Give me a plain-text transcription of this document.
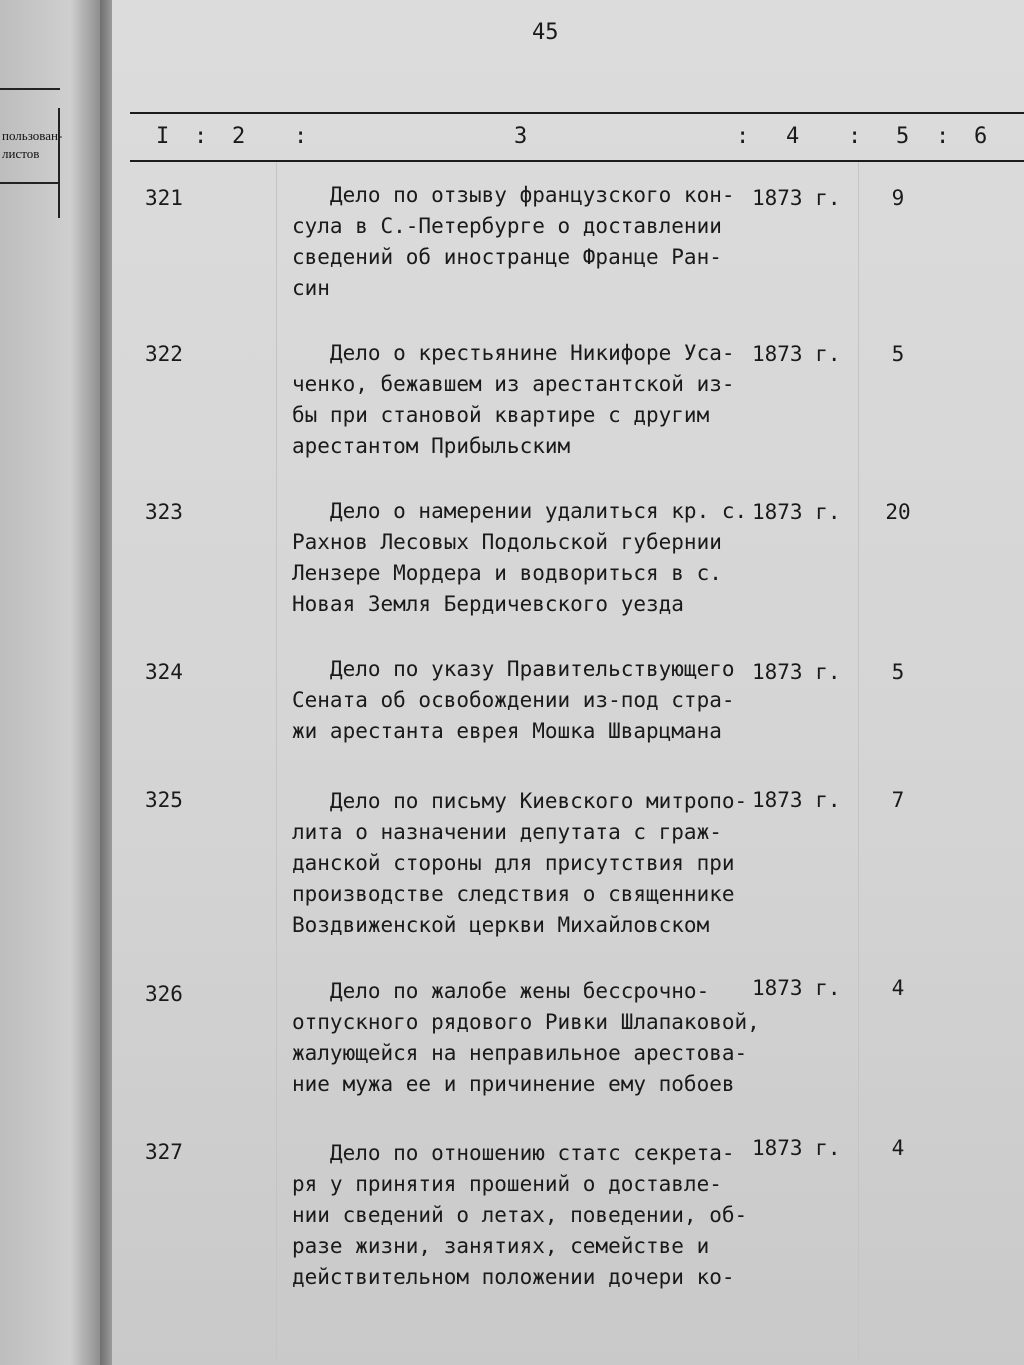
пользован-
листов
45
I : 2 :	3	: 4 : 5 : 6
321	Дело по отзыву французского кон-
сула в С.-Петербурге о доставлении
сведений об иностранце Франце Ран-
син
1873 г.	9
322	Дело о крестьянине Никифоре Уса-
ченко, бежавшем из арестантской из-
бы при становой квартире с другим
арестантом Прибыльским
1873 г.	5
323	Дело о намерении удалиться кр. с.
Рахнов Лесовых Подольской губернии
Лензере Мордера и водвориться в с.
Новая Земля Бердичевского уезда
1873 г.	20
324	Дело по указу Правительствующего
Сената об освобождении из-под стра-
жи арестанта еврея Мошка Шварцмана
1873 г.	5
325	Дело по письму Киевского митропо-
лита о назначении депутата с граж-
данской стороны для присутствия при
производстве следствия о священнике
Воздвиженской церкви Михайловском
1873 г.	7
326	Дело по жалобе жены бессрочно-
отпускного рядового Ривки Шлапаковой,
жалующейся на неправильное арестова-
ние мужа ее и причинение ему побоев
1873 г.	4
327	Дело по отношению статс секрета-
ря у принятия прошений о доставле-
нии сведений о летах, поведении, об-
разе жизни, занятиях, семействе и
действительном положении дочери ко-
1873 г.	4
